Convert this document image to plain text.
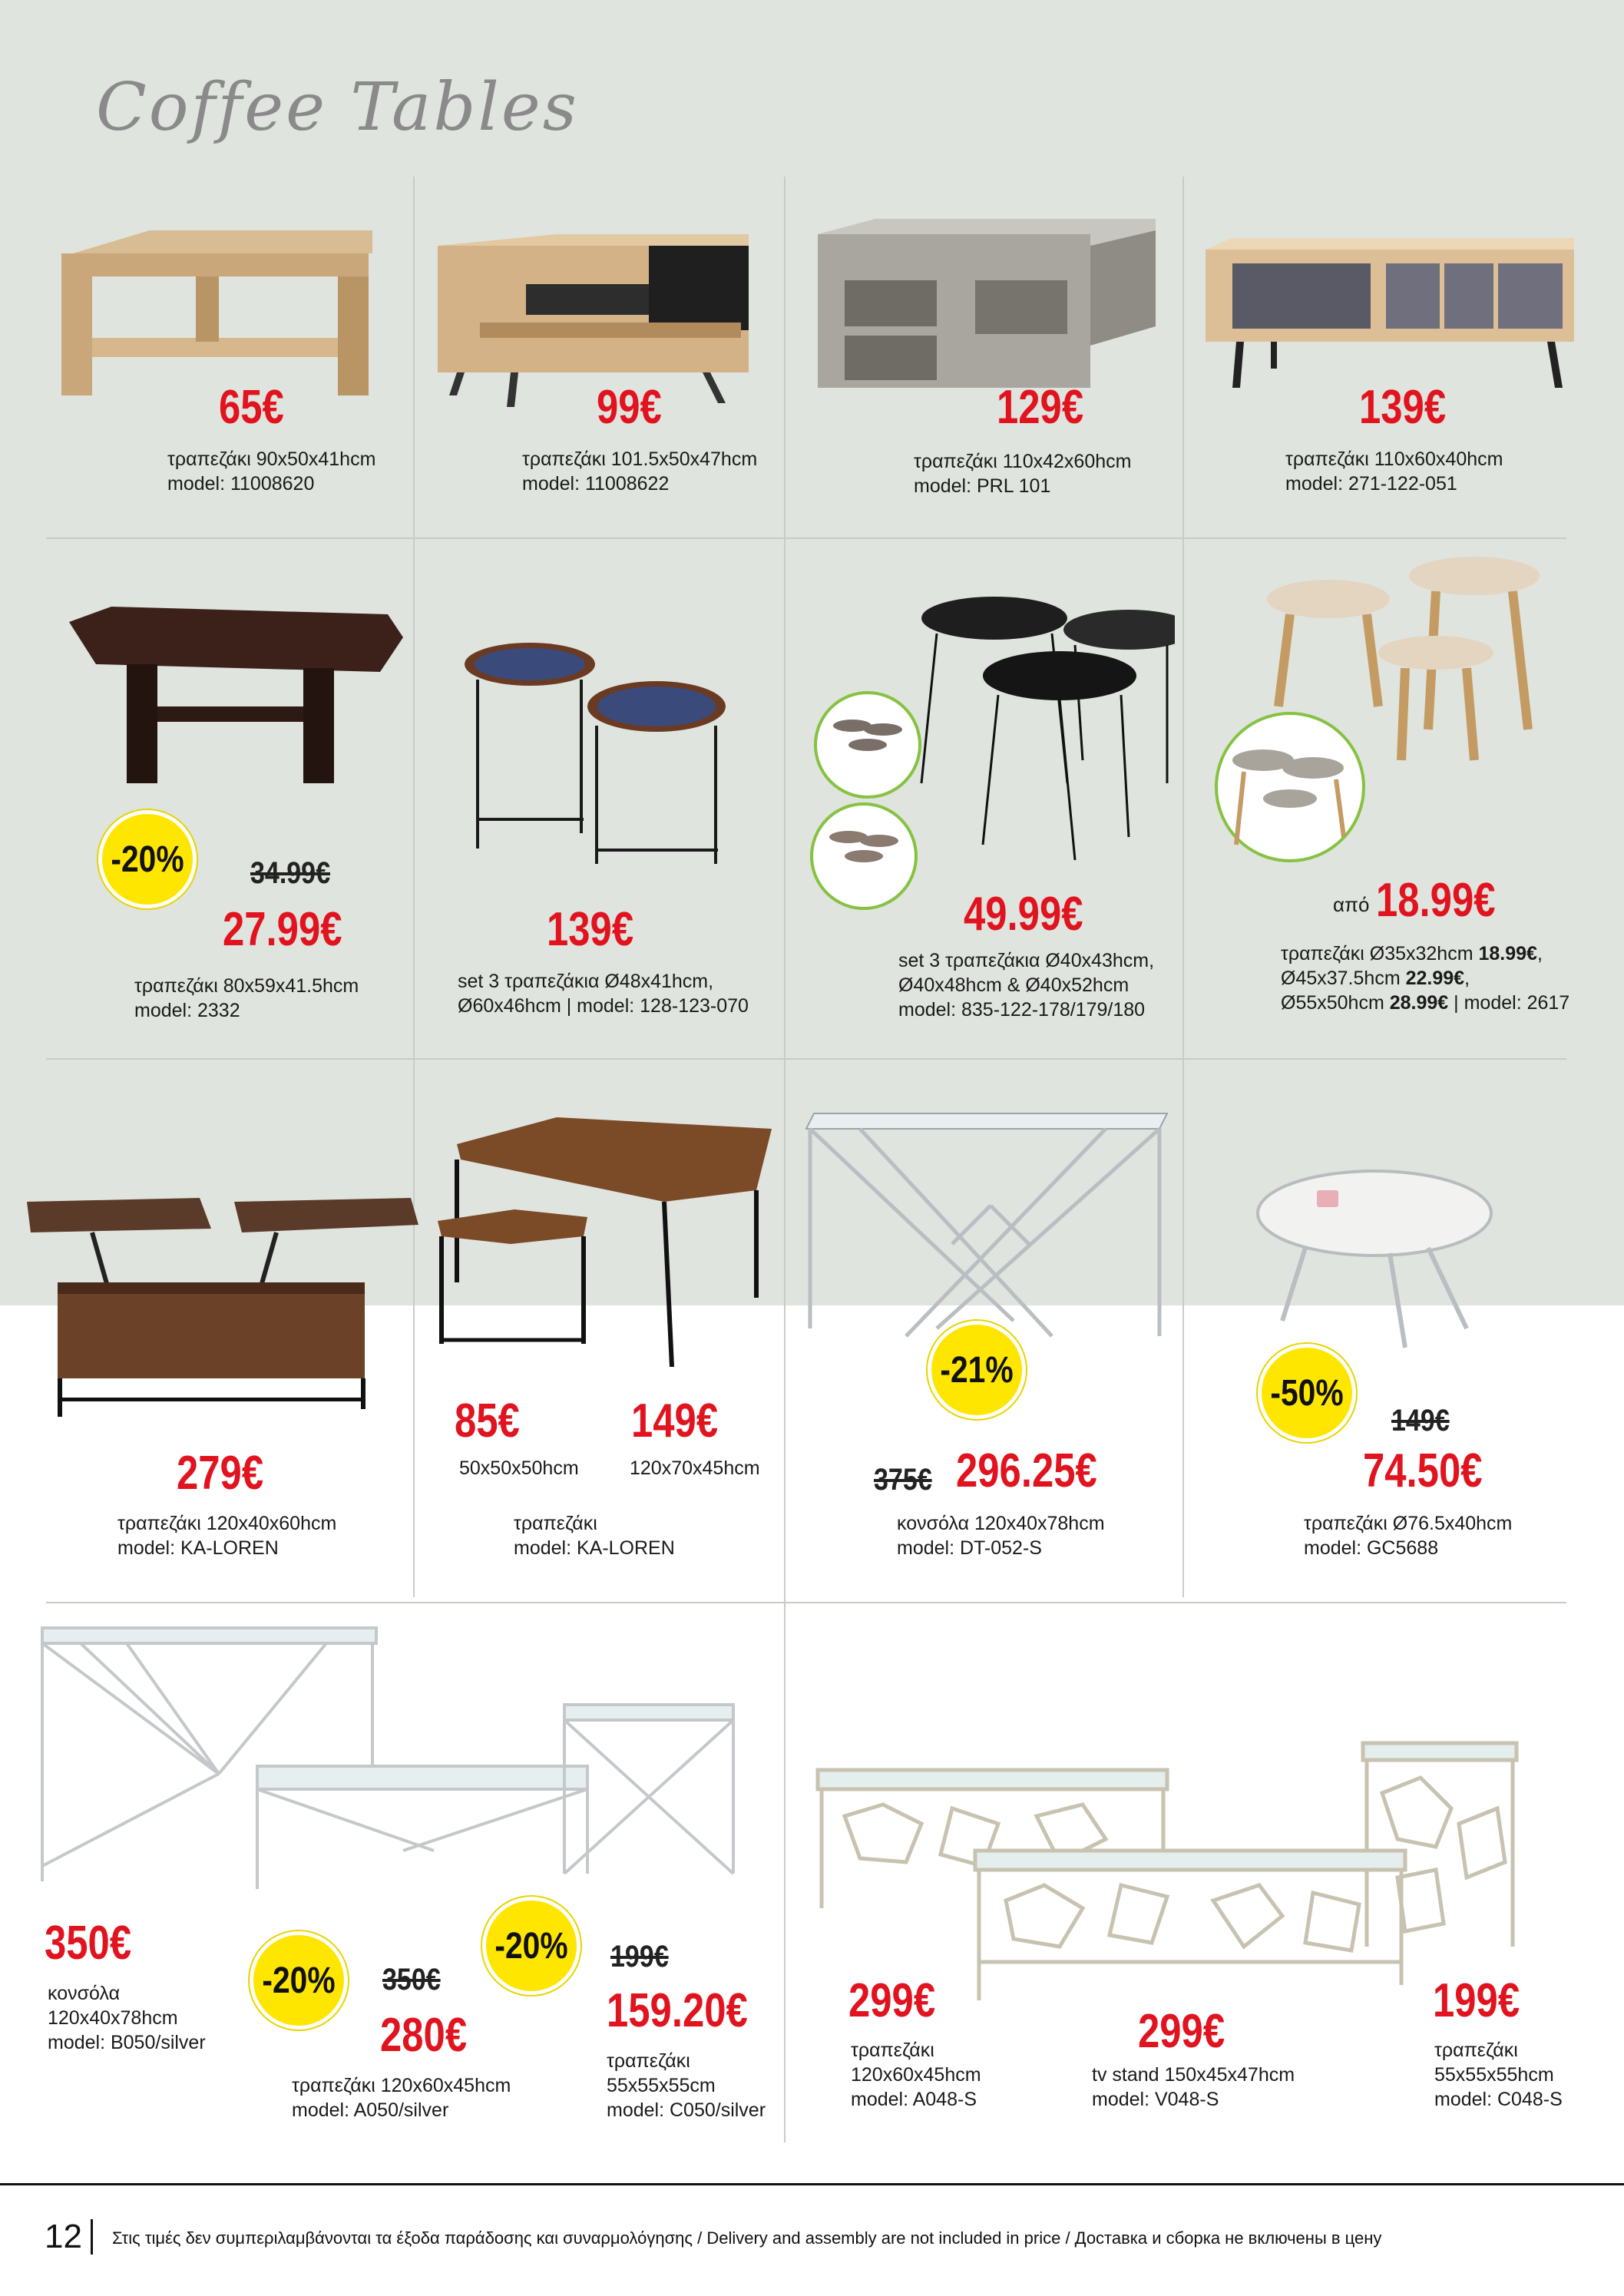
Coffee Tables
65€
τραπεζάκι 90x50x41hcm
model: 11008620
99€
τραπεζάκι 101.5x50x47hcm
model: 11008622
129€
τραπεζάκι 110x42x60hcm
model: PRL 101
139€
τραπεζάκι 110x60x40hcm
model: 271-122-051
-20% 34.99€
27.99€
τραπεζάκι 80x59x41.5hcm
model: 2332
139€
set 3 τραπεζάκια Ø48x41hcm,
Ø60x46hcm | model: 128-123-070
49.99€
set 3 τραπεζάκια Ø40x43hcm,
Ø40x48hcm & Ø40x52hcm
model: 835-122-178/179/180
από 18.99€
τραπεζάκι Ø35x32hcm 18.99€,
Ø45x37.5hcm 22.99€,
Ø55x50hcm 28.99€ | model: 2617
279€
τραπεζάκι 120x40x60hcm
model: KA-LOREN
85€
50x50x50hcm
149€
120x70x45hcm
τραπεζάκι
model: KA-LOREN
-21%
375€ 296.25€
κονσόλα 120x40x78hcm
model: DT-052-S
-50%
149€
74.50€
τραπεζάκι Ø76.5x40hcm
model: GC5688
350€
κονσόλα
120x40x78hcm
model: B050/silver
-20% 350€
280€
τραπεζάκι 120x60x45hcm
model: A050/silver
-20% 199€
159.20€
τραπεζάκι
55x55x55cm
model: C050/silver
299€
τραπεζάκι
120x60x45hcm
model: A048-S
299€
tv stand 150x45x47hcm
model: V048-S
199€
τραπεζάκι
55x55x55hcm
model: C048-S
12 Στις τιμές δεν συμπεριλαμβάνονται τα έξοδα παράδοσης και συναρμολόγησης / Delivery and assembly are not included in price / Доставка и сборка не включены в цену
